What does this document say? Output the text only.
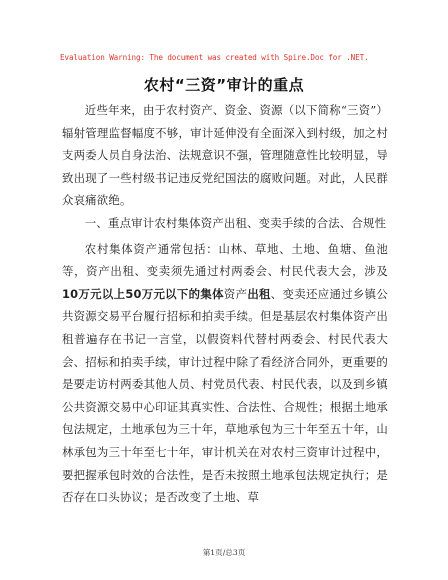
Evaluation Warning: The document was created with Spire.Doc for .NET.
农村“三资”审计的重点

近些年来，由于农村资产、资金、资源（以下简称“三资”）辐射管理监督幅度不够，审计延伸没有全面深入到村级，加之村支两委人员自身法治、法规意识不强，管理随意性比较明显，导致出现了一些村级书记违反党纪国法的腐败问题。对此，人民群众哀痛欲绝。

一、重点审计农村集体资产出租、变卖手续的合法、合规性

农村集体资产通常包括：山林、草地、土地、鱼塘、鱼池等，资产出租、变卖须先通过村两委会、村民代表大会，涉及10万元以上50万元以下的集体资产出租、变卖还应通过乡镇公共资源交易平台履行招标和拍卖手续。但是基层农村集体资产出租普遍存在书记一言堂，以假资料代替村两委会、村民代表大会、招标和拍卖手续，审计过程中除了看经济合同外，更重要的是要走访村两委其他人员、村党员代表、村民代表，以及到乡镇公共资源交易中心印证其真实性、合法性、合规性；根据土地承包法规定，土地承包为三十年，草地承包为三十年至五十年，山林承包为三十年至七十年，审计机关在对农村三资审计过程中，要把握承包时效的合法性，是否未按照土地承包法规定执行；是否存在口头协议；是否改变了土地、草

第1页/总3页
